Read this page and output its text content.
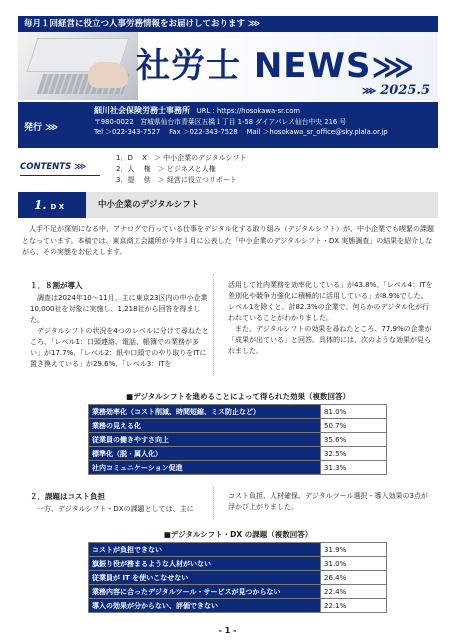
毎月１回経営に役立つ人事労務情報をお届けしております ⋙
社労士 NEWS⋙
⋙ 2025.5
発行 ⋙
細川社会保険労務士事務所　 URL : https://hosokawa-sr.com
〒980-0022　宮城県仙台市青葉区五橋１丁目 1-58 ダイアパレス仙台中央 216 号
Tel ＞022-343-7527　 Fax ＞022-343-7528　 Mail ＞hosokawa_sr_office@sky.plala.or.jp
CONTENTS ⋙
1．D　 X　＞ 中小企業のデジタルシフト
2．人　 権　＞ ビジネスと人権
3．提　 供　＞ 経営に役立つリポート
1. D X	中小企業のデジタルシフト
人手不足が深刻になる中、アナログで行っている仕事をデジタル化する取り組み（デジタルシフト）が、中小企業でも喫緊の課題となっています。本稿では、東京商工会議所が今年１月に公表した「中小企業のデジタルシフト・DX 実態調査」の結果を紹介しながら、その実態をお伝えします。
１．８割が導入
調査は2024年10～11月、主に東京23区内の中小企業10,000社を対象に実施し、1,218社から回答を得ました。
デジタルシフトの状況を4つのレベルに分けて尋ねたところ、「レベル1：口頭連絡、電話、帳簿での業務が多い」が17.7%、「レベル2：紙や口頭でのやり取りをITに置き換えている」が29.6%、「レベル3：ITを
活用して社内業務を効率化している」が43.8%、「レベル4：ITを差別化や競争力強化に積極的に活用している」が8.9%でした。レベル1を除くと、計82.3%の企業で、何らかのデジタル化が行われていることがわかりました。
また、デジタルシフトの効果を尋ねたところ、77.9%の企業が「成果が出ている」と回答。具体的には、次のような効果が見られました。
■デジタルシフトを進めることによって得られた効果（複数回答）
業務効率化（コスト削減、時間短縮、ミス防止など）	81.0%
業務の見える化	50.7%
従業員の働きやすさ向上	35.6%
標準化（脱・属人化）	32.5%
社内コミュニケーション促進	31.3%
２．課題はコスト負担
一方、デジタルシフト・DXの課題としては、主に
コスト負担、人材確保、デジタルツール選択・導入効果の3点が浮かび上がりました。
■デジタルシフト・DX の課題（複数回答）
コストが負担できない	31.9%
旗振り役が務まるような人材がいない	31.0%
従業員が IT を使いこなせない	26.4%
業務内容に合ったデジタルツール・サービスが見つからない	22.4%
導入の効果が分からない、評価できない	22.1%
- 1 -
